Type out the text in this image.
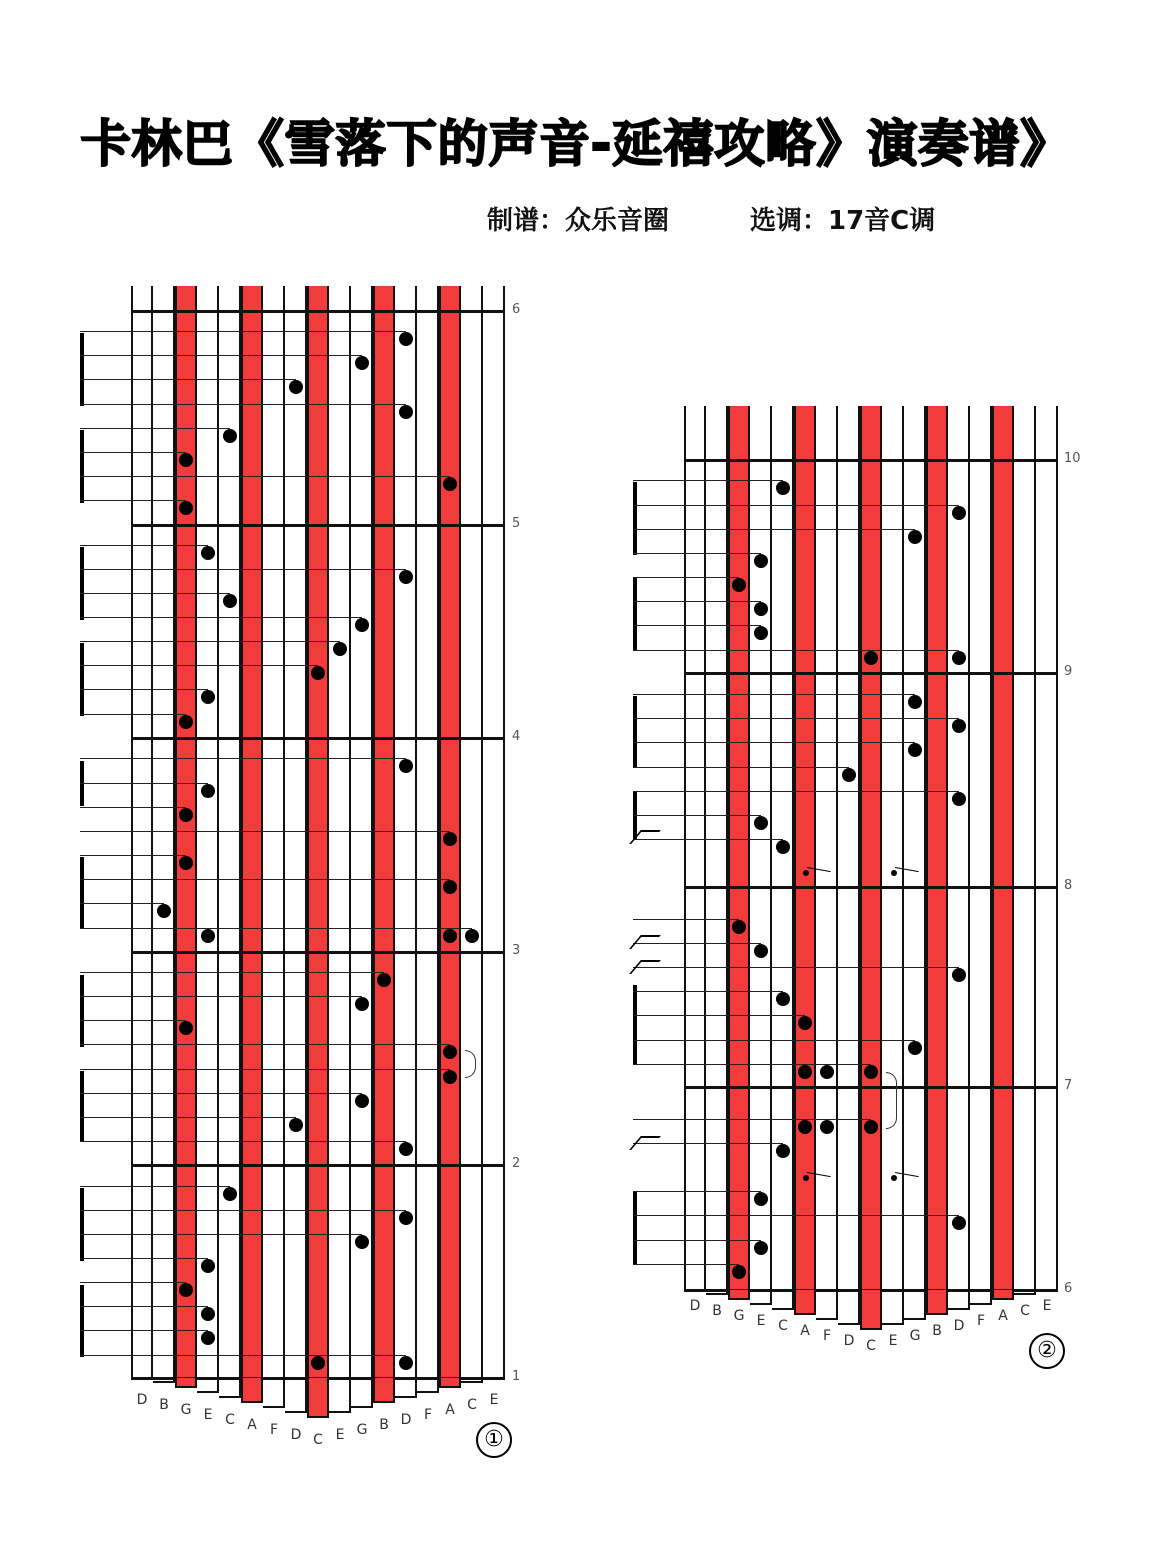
卡林巴《雪落下的声音-延禧攻略》演奏谱》
制谱：众乐音圈	选调：17音C调
6
5
4
3
2
1
D B G E C A F D C E G B D F A C E
①
10
9
8
7
6
D B G E C A F D C E G B D F A C E
②
